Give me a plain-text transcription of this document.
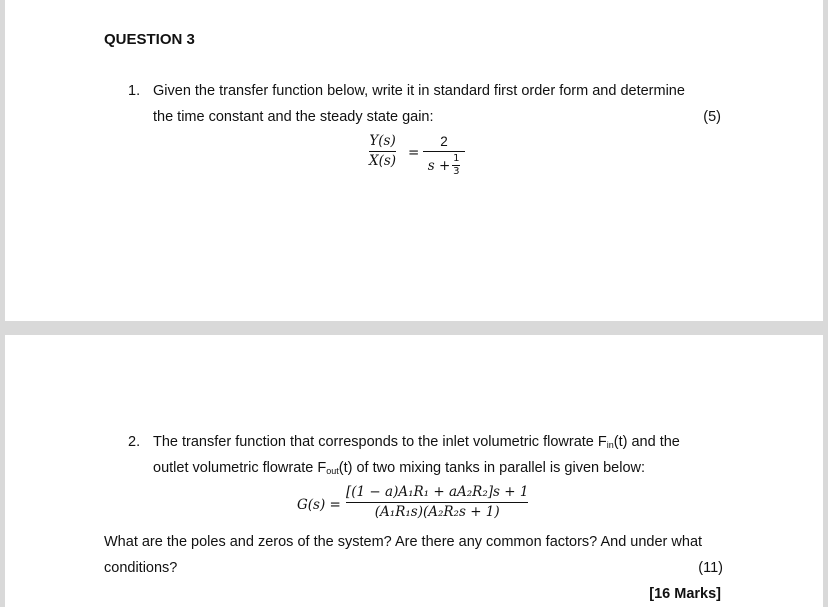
QUESTION 3
1. Given the transfer function below, write it in standard first order form and determine
the time constant and the steady state gain:	(5)
Y(s)
X(s) =
2
s + 1
3
2. The transfer function that corresponds to the inlet volumetric flowrate $F_{in}(t)$ and the
outlet volumetric flowrate $F_{out}(t)$ of two mixing tanks in parallel is given below:
G(s) =
[(1 − a)A₁R₁ + aA₂R₂]s + 1
(A₁R₁s)(A₂R₂s + 1)
What are the poles and zeros of the system? Are there any common factors? And under what
conditions?	(11)
[16 Marks]
